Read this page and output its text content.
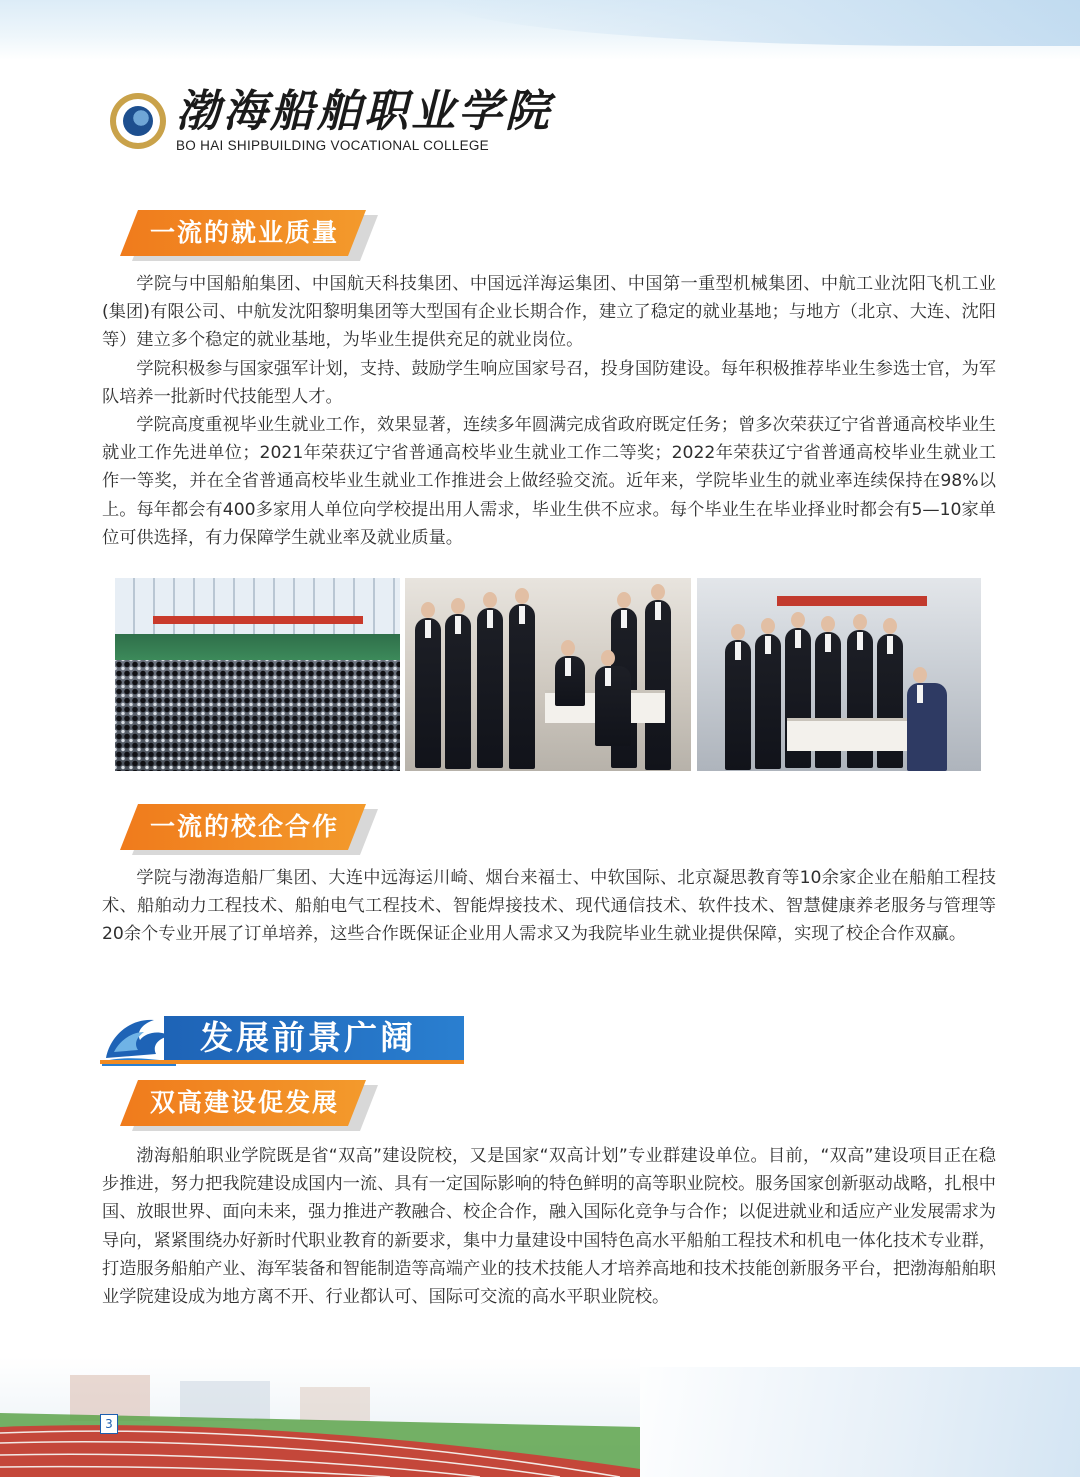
渤海船舶职业学院
BO HAI SHIPBUILDING VOCATIONAL COLLEGE
一流的就业质量

学院与中国船舶集团、中国航天科技集团、中国远洋海运集团、中国第一重型机械集团、中航工业沈阳飞机工业(集团)有限公司、中航发沈阳黎明集团等大型国有企业长期合作，建立了稳定的就业基地；与地方（北京、大连、沈阳等）建立多个稳定的就业基地，为毕业生提供充足的就业岗位。

学院积极参与国家强军计划，支持、鼓励学生响应国家号召，投身国防建设。每年积极推荐毕业生参选士官，为军队培养一批新时代技能型人才。

学院高度重视毕业生就业工作，效果显著，连续多年圆满完成省政府既定任务；曾多次荣获辽宁省普通高校毕业生就业工作先进单位；2021年荣获辽宁省普通高校毕业生就业工作二等奖；2022年荣获辽宁省普通高校毕业生就业工作一等奖，并在全省普通高校毕业生就业工作推进会上做经验交流。近年来，学院毕业生的就业率连续保持在98%以上。每年都会有400多家用人单位向学校提出用人需求，毕业生供不应求。每个毕业生在毕业择业时都会有5—10家单位可供选择，有力保障学生就业率及就业质量。

一流的校企合作

学院与渤海造船厂集团、大连中远海运川崎、烟台来福士、中软国际、北京凝思教育等10余家企业在船舶工程技术、船舶动力工程技术、船舶电气工程技术、智能焊接技术、现代通信技术、软件技术、智慧健康养老服务与管理等20余个专业开展了订单培养，这些合作既保证企业用人需求又为我院毕业生就业提供保障，实现了校企合作双赢。

发展前景广阔
双高建设促发展

渤海船舶职业学院既是省“双高”建设院校，又是国家“双高计划”专业群建设单位。目前，“双高”建设项目正在稳步推进，努力把我院建设成国内一流、具有一定国际影响的特色鲜明的高等职业院校。服务国家创新驱动战略，扎根中国、放眼世界、面向未来，强力推进产教融合、校企合作，融入国际化竞争与合作；以促进就业和适应产业发展需求为导向，紧紧围绕办好新时代职业教育的新要求，集中力量建设中国特色高水平船舶工程技术和机电一体化技术专业群，打造服务船舶产业、海军装备和智能制造等高端产业的技术技能人才培养高地和技术技能创新服务平台，把渤海船舶职业学院建设成为地方离不开、行业都认可、国际可交流的高水平职业院校。

3
